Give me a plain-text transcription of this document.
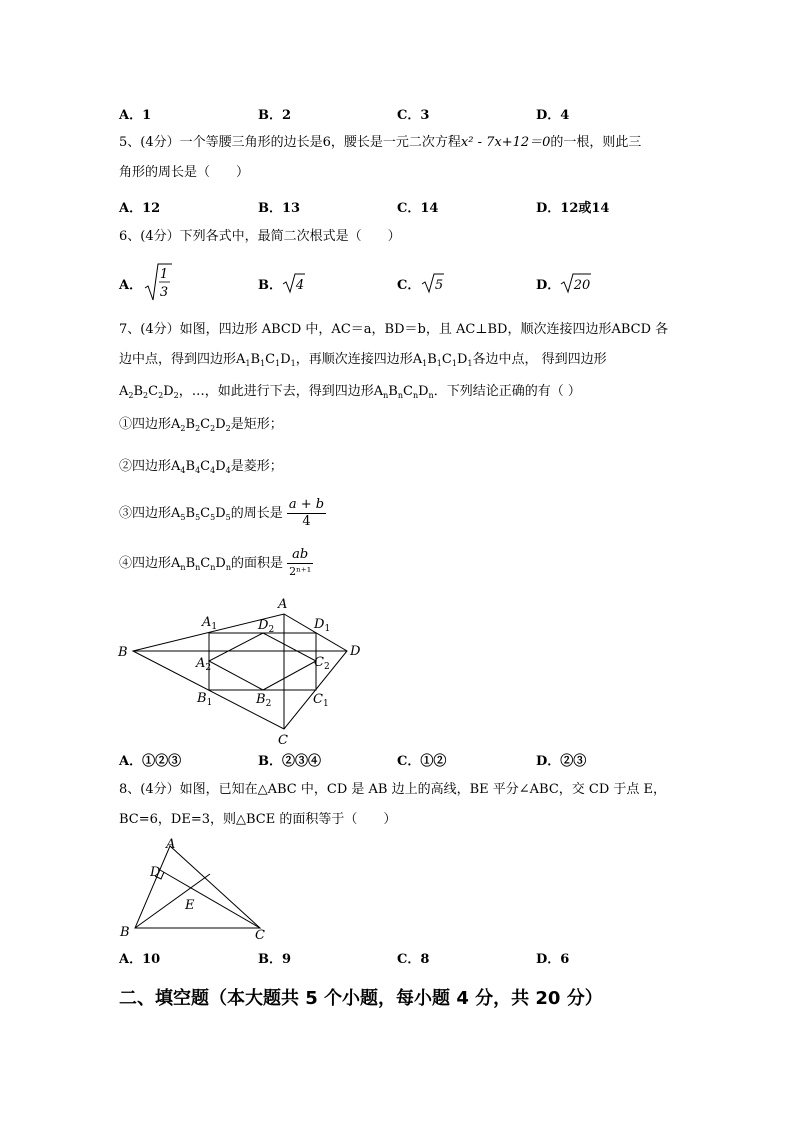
A．1	B．2	C．3	D．4
5、(4分）一个等腰三角形的边长是6，腰长是一元二次方程x² - 7x+12＝0的一根，则此三
角形的周长是（　　）
A．12	B．13	C．14	D．12或14
6、(4分）下列各式中，最简二次根式是（　　）
A．
1
3	B． 4	C． 5	D． 20
7、(4分）如图，四边形 ABCD 中，AC＝a，BD＝b，且 AC⊥BD，顺次连接四边形ABCD 各
边中点，得到四边形$A_1B_1C_1D_1$，再顺次连接四边形$A_1B_1C_1D_1$各边中点， 得到四边形
$A_2B_2C_2D_2$，…，如此进行下去，得到四边形$A_nB_nC_nD_n$．下列结论正确的有（ ）
①四边形$A_2B_2C_2D_2$是矩形；
②四边形$A_4B_4C_4D_4$是菱形；
③四边形$A_5B_5C_5D_5$的周长是 $\frac{a + b}{4}$
④四边形$A_nB_nC_nD_n$的面积是 $\frac{ab}{\text{2ⁿ⁺¹}}$
A
B
C
D
$A_1$	$D_1$
$B_1$	$C_1$
$D_2$
$A_2$	$C_2$
$B_2$
A．①②③	B．②③④	C．①②	D．②③
8、(4分）如图，已知在△ABC 中，CD 是 AB 边上的高线，BE 平分∠ABC，交 CD 于点 E，
BC=6，DE=3，则△BCE 的面积等于（　　）
A
D
E
B	C
A．10	B．9	C．8	D．6
二、填空题（本大题共 5 个小题，每小题 4 分，共 20 分）
